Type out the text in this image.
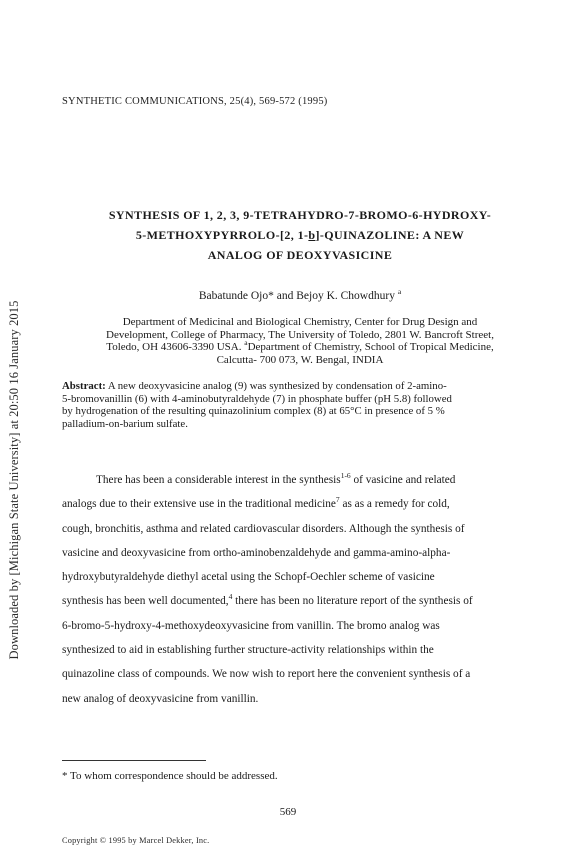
Downloaded by [Michigan State University] at 20:50 16 January 2015
SYNTHETIC COMMUNICATIONS, 25(4), 569-572 (1995)
SYNTHESIS OF 1, 2, 3, 9-TETRAHYDRO-7-BROMO-6-HYDROXY-
5-METHOXYPYRROLO-[2, 1-b]-QUINAZOLINE: A NEW
ANALOG OF DEOXYVASICINE
Babatunde Ojo* and Bejoy K. Chowdhury $^a$
Department of Medicinal and Biological Chemistry, Center for Drug Design and
Development, College of Pharmacy, The University of Toledo, 2801 W. Bancroft Street,
Toledo, OH 43606-3390 USA. $^a$Department of Chemistry, School of Tropical Medicine,
Calcutta- 700 073, W. Bengal, INDIA
Abstract: A new deoxyvasicine analog (9) was synthesized by condensation of 2-amino-
5-bromovanillin (6) with 4-aminobutyraldehyde (7) in phosphate buffer (pH 5.8) followed
by hydrogenation of the resulting quinazolinium complex (8) at 65°C in presence of 5 %
palladium-on-barium sulfate.
There has been a considerable interest in the synthesis$^{1-6}$ of vasicine and related
analogs due to their extensive use in the traditional medicine$^7$ as as a remedy for cold,
cough, bronchitis, asthma and related cardiovascular disorders. Although the synthesis of
vasicine and deoxyvasicine from ortho-aminobenzaldehyde and gamma-amino-alpha-
hydroxybutyraldehyde diethyl acetal using the Schopf-Oechler scheme of vasicine
synthesis has been well documented,$^4$ there has been no literature report of the synthesis of
6-bromo-5-hydroxy-4-methoxydeoxyvasicine from vanillin. The bromo analog was
synthesized to aid in establishing further structure-activity relationships within the
quinazoline class of compounds. We now wish to report here the convenient synthesis of a
new analog of deoxyvasicine from vanillin.
* To whom correspondence should be addressed.
569
Copyright © 1995 by Marcel Dekker, Inc.
